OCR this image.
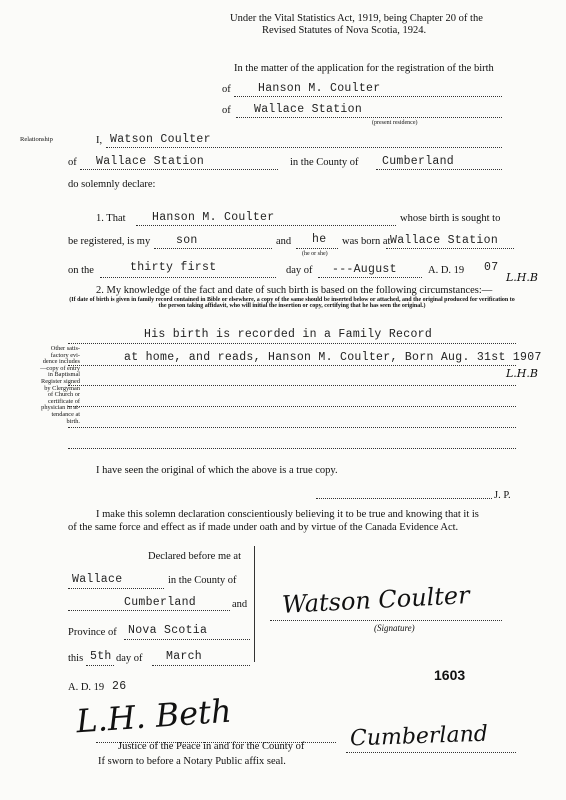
Under the Vital Statistics Act, 1919, being Chapter 20 of the
Revised Statutes of Nova Scotia, 1924.
In the matter of the application for the registration of the birth
of Hanson M. Coulter
of Wallace Station
(present residence)
Relationship
Other satis-
factory evi-
dence includes
—copy of entry
in Baptismal
Register signed
by Clergyman
of Church or
certificate of
physician in at-
tendance at
birth.
I, Watson Coulter
of Wallace Station	in the County of Cumberland
do solemnly declare:
1. That Hanson M. Coulter	whose birth is sought to
be registered, is my son	and he
(he or she)
was born at Wallace Station
on the	thirty first	day of ---August	A. D. 19 07
L.H.B
2. My knowledge of the fact and date of such birth is based on the following circumstances:—
(If date of birth is given in family record contained in Bible or elsewhere, a copy of the same should be inserted below or attached, and the original produced for verification to the person taking affidavit, who will initial the insertion or copy, certifying that he has seen the original.)
His birth is recorded in a Family Record
at home, and reads, Hanson M. Coulter, Born Aug. 31st 1907
L.H.B
I have seen the original of which the above is a true copy.
J. P.
I make this solemn declaration conscientiously believing it to be true and knowing that it is
of the same force and effect as if made under oath and by virtue of the Canada Evidence Act.
Declared before me at
Wallace	in the County of
Cumberland	and
Province of Nova Scotia
this 5th day of March
A. D. 19 26
Watson Coulter
(Signature)
1603
L.H. Beth
Justice of the Peace in and for the County of Cumberland
If sworn to before a Notary Public affix seal.
